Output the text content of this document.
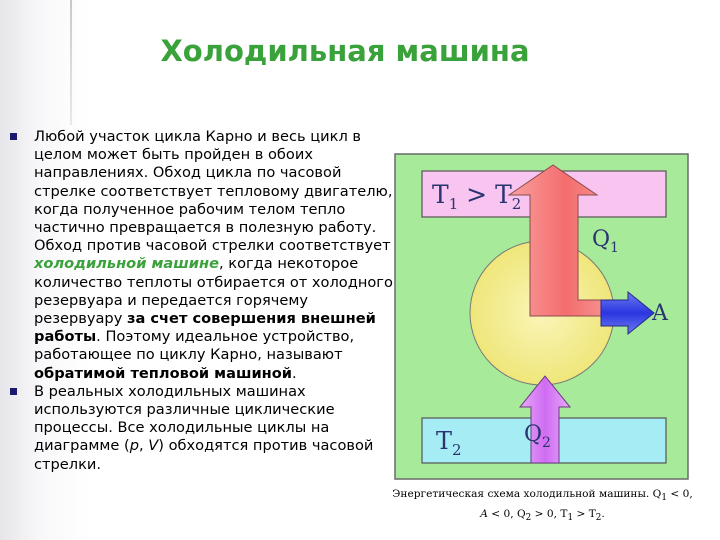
Холодильная машина
Любой участок цикла Карно и весь цикл в целом может быть пройден в обоих направлениях. Обход цикла по часовой стрелке соответствует тепловому двигателю, когда полученное рабочим телом тепло частично превращается в полезную работу. Обход против часовой стрелки соответствует холодильной машине, когда некоторое количество теплоты отбирается от холодного резервуара и передается горячему резервуару за счет совершения внешней работы. Поэтому идеальное устройство, работающее по циклу Карно, называют обратимой тепловой машиной.
В реальных холодильных машинах используются различные циклические процессы. Все холодильные циклы на диаграмме (p, V) обходятся против часовой стрелки.
$T_1 > T_2$
$Q_1$
A
$T_2$
$Q_2$
Энергетическая схема холодильной машины. $Q_1 < 0$,
A < 0, $Q_2 > 0$, $T_1 > T_2$.
